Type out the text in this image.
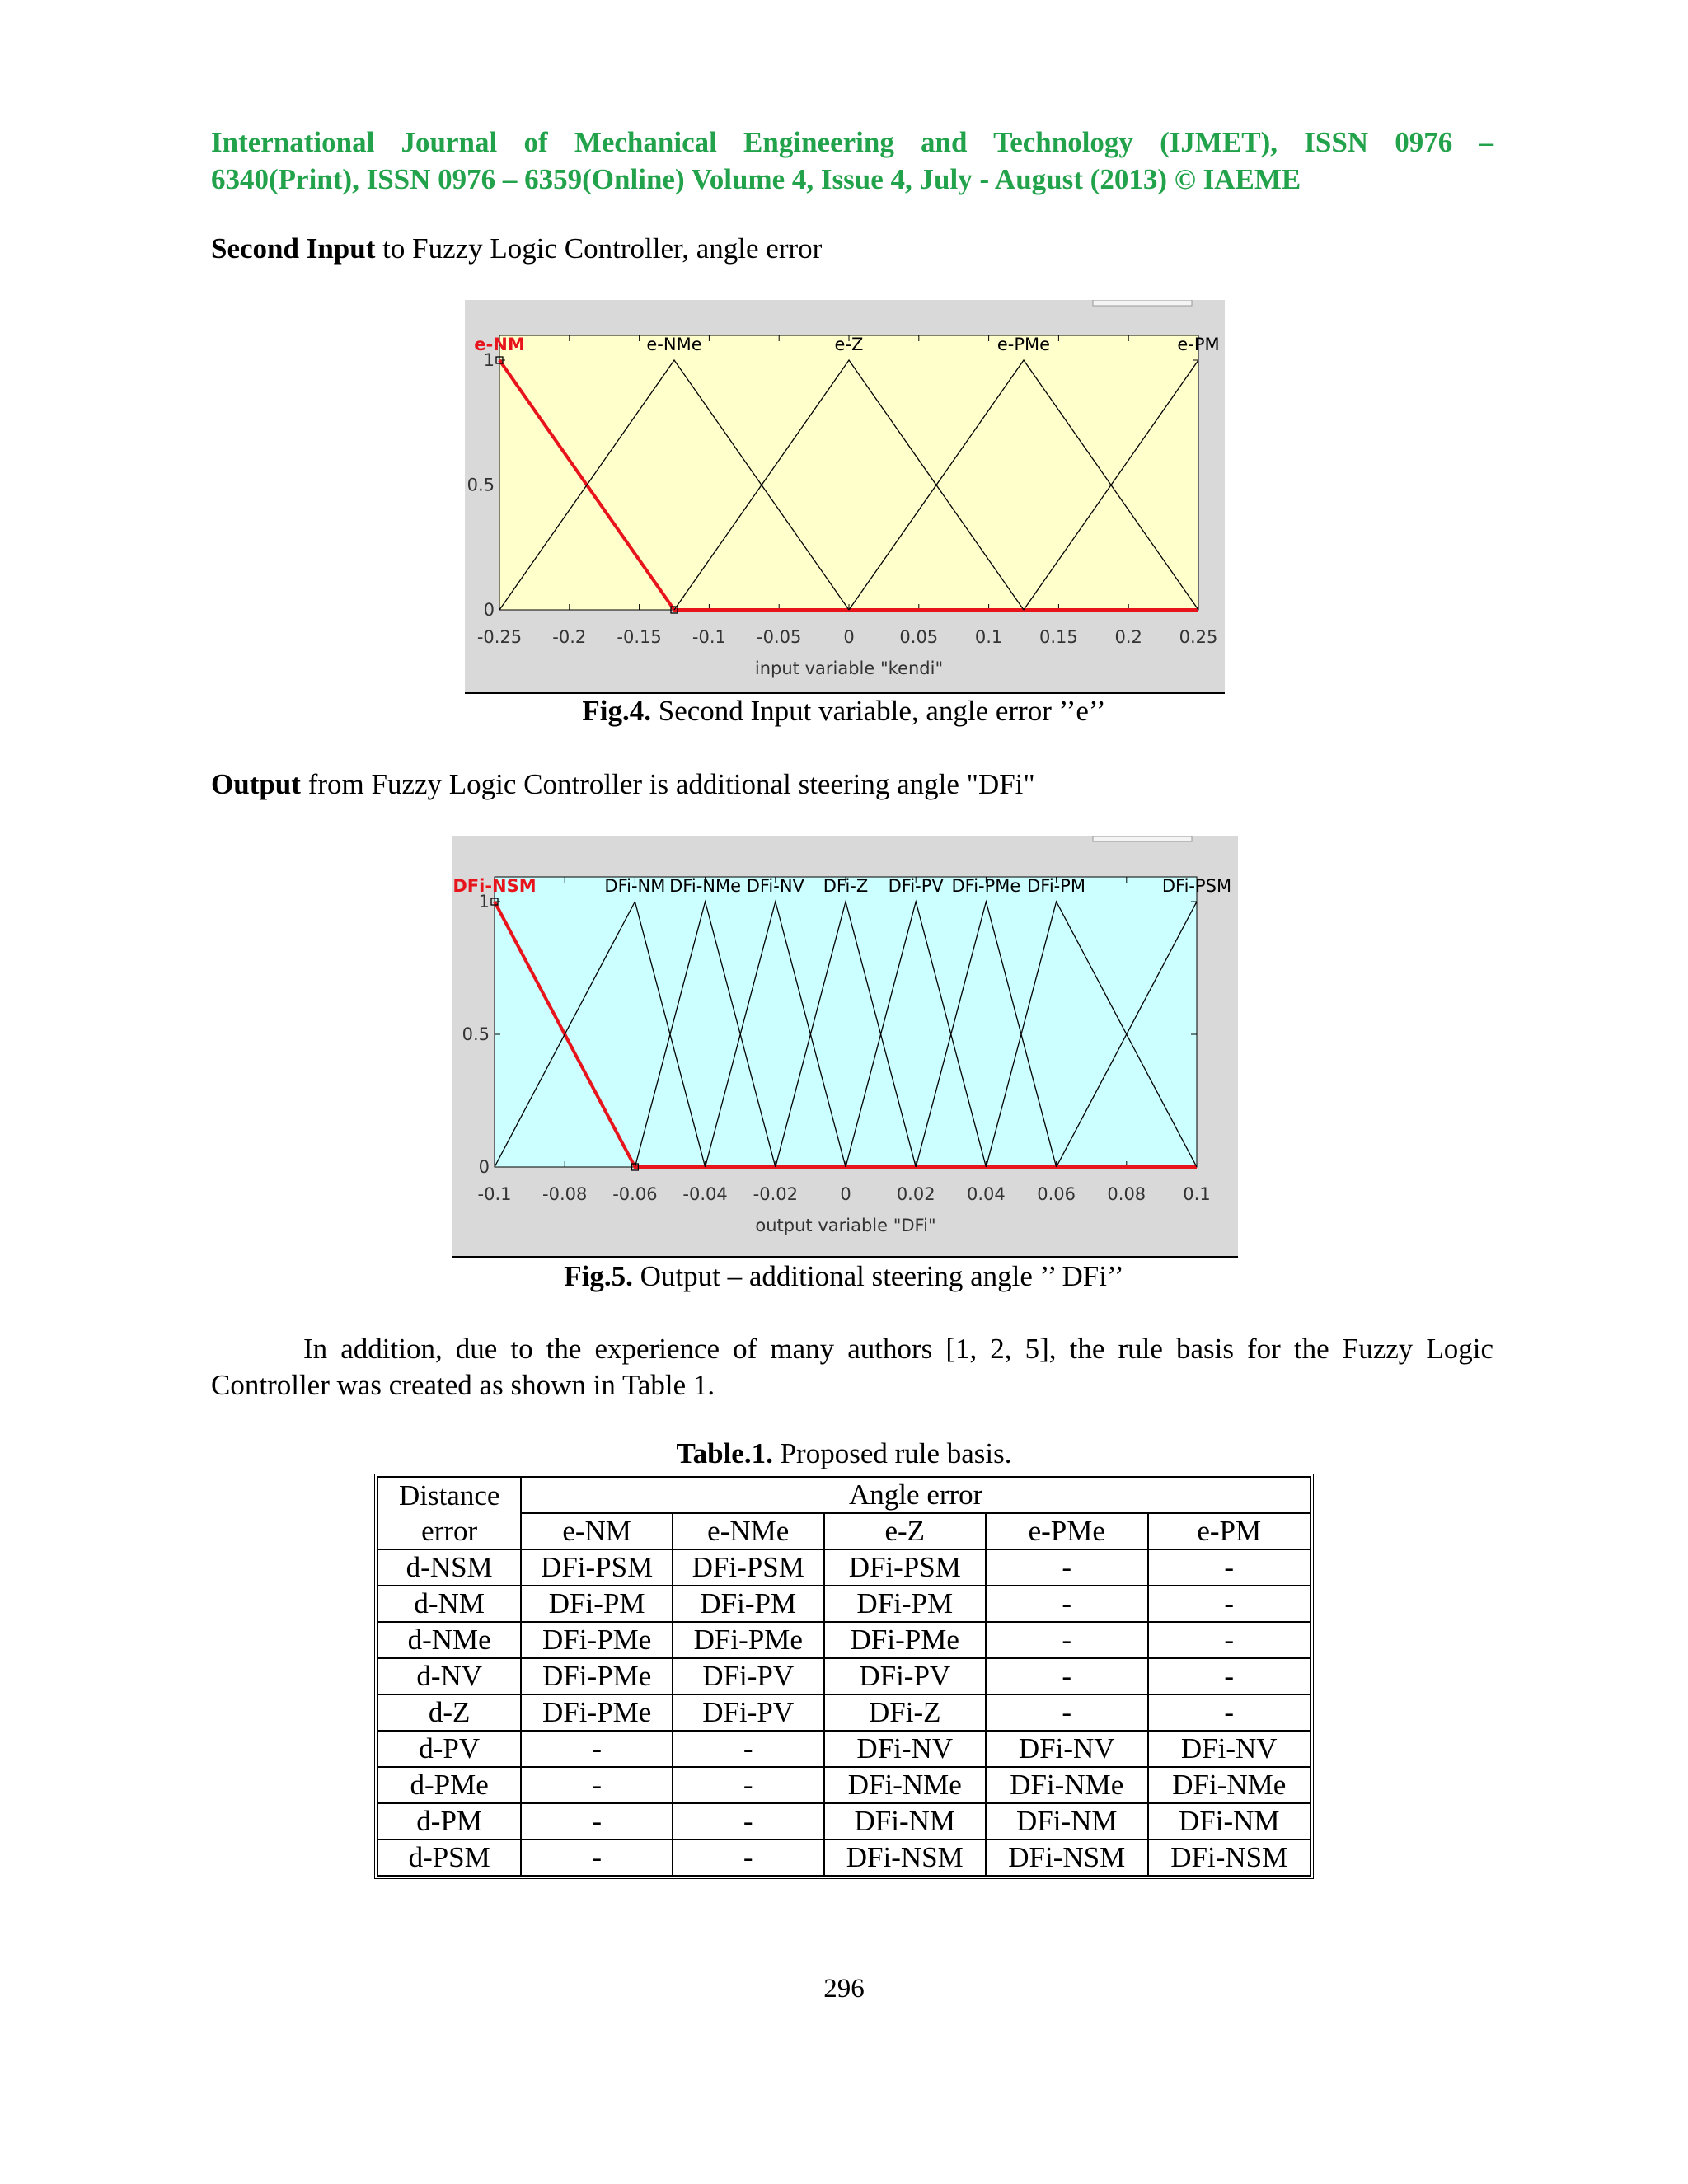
International Journal of Mechanical Engineering and Technology (IJMET), ISSN 0976 –
6340(Print), ISSN 0976 – 6359(Online) Volume 4, Issue 4, July - August (2013) © IAEME
Second Input to Fuzzy Logic Controller, angle error
-0.25 -0.2 -0.15 -0.1 -0.05 0	0.05 0.1 0.15 0.2 0.25
0
0.5
1
input variable "kendi"
e-NM	e-NMe	e-Z	e-PMe	e-PM
Fig.4. Second Input variable, angle error ’’e’’
Output from Fuzzy Logic Controller is additional steering angle "DFi"
-0.1 -0.08 -0.06 -0.04 -0.02 0	0.02 0.04 0.06 0.08 0.1
0
0.5
1
output variable "DFi"
DFi-NSM	DFi-NM DFi-NMe DFi-NV DFi-Z DFi-PV DFi-PMe DFi-PM	DFi-PSM
Fig.5. Output – additional steering angle ’’ DFi’’
In addition, due to the experience of many authors [1, 2, 5], the rule basis for the Fuzzy Logic Controller was created as shown in Table 1.
Table.1. Proposed rule basis.
Distance	Angle error				
error	e-NM	e-NMe	e-Z	e-PMe	e-PM
d-NSM	DFi-PSM	DFi-PSM	DFi-PSM	-	-
d-NM	DFi-PM	DFi-PM	DFi-PM	-	-
d-NMe	DFi-PMe	DFi-PMe	DFi-PMe	-	-
d-NV	DFi-PMe	DFi-PV	DFi-PV	-	-
d-Z	DFi-PMe	DFi-PV	DFi-Z	-	-
d-PV	-	-	DFi-NV	DFi-NV	DFi-NV
d-PMe	-	-	DFi-NMe	DFi-NMe	DFi-NMe
d-PM	-	-	DFi-NM	DFi-NM	DFi-NM
d-PSM	-	-	DFi-NSM	DFi-NSM	DFi-NSM
296
